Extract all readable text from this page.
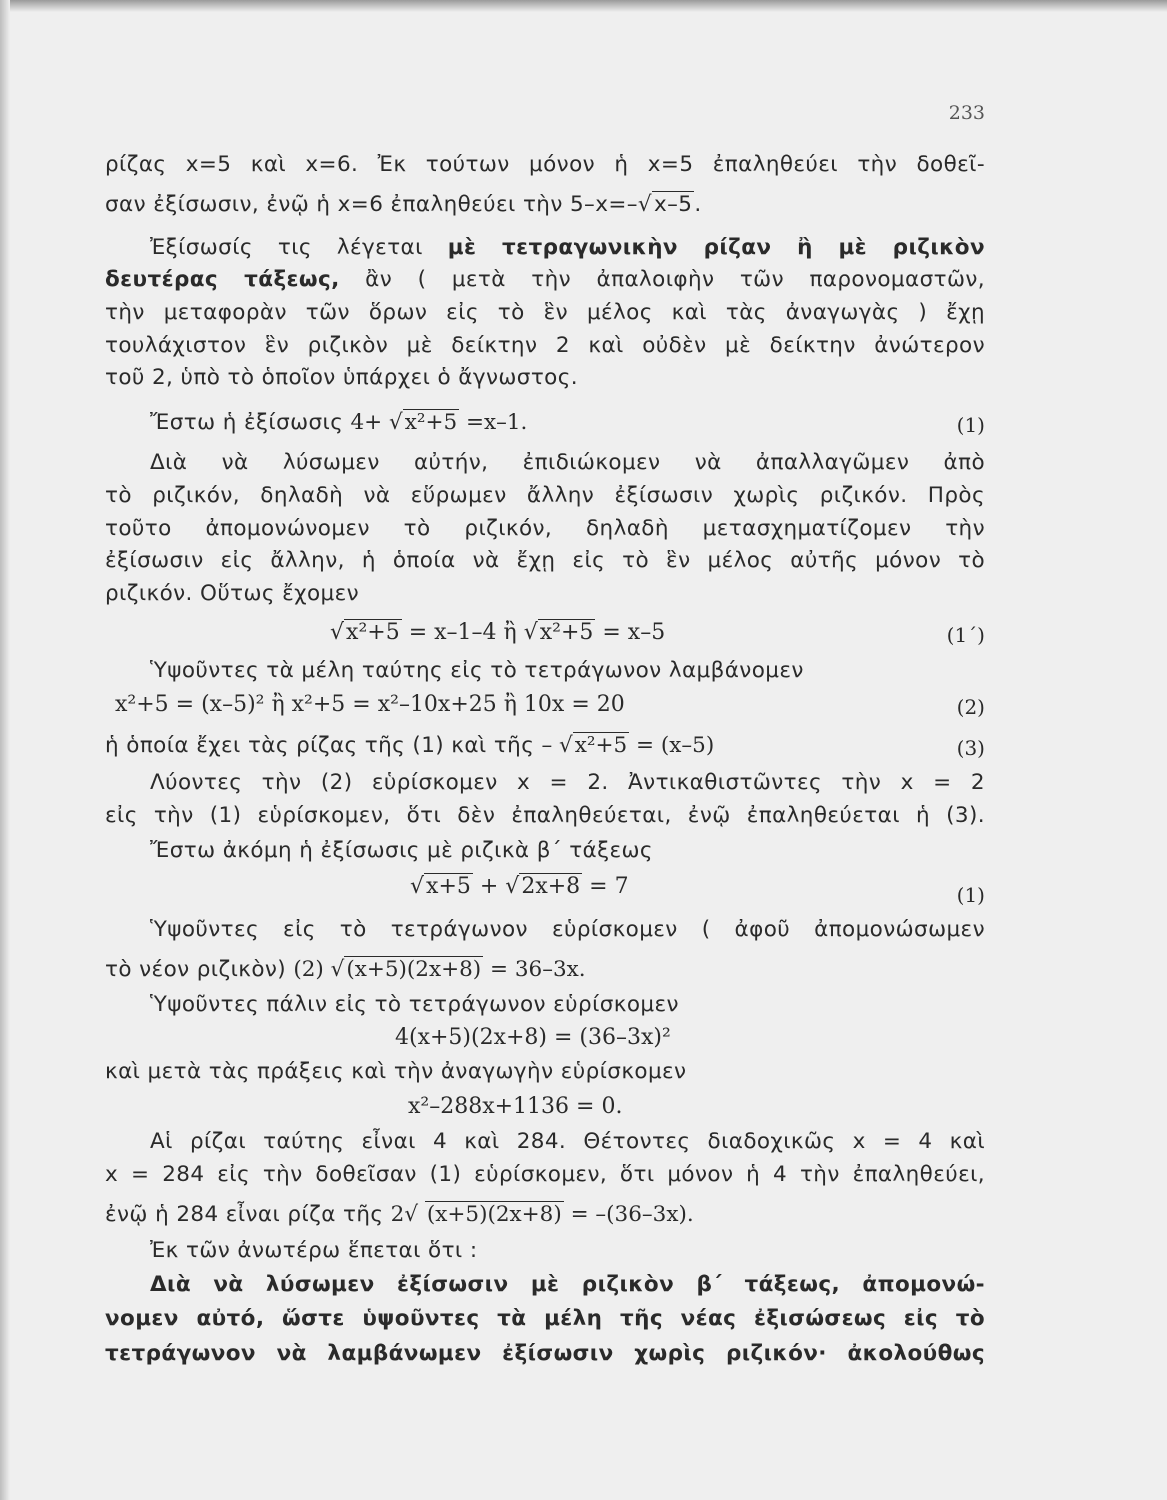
233
ρίζας x=5 καὶ x=6. Ἐκ τούτων μόνον ἡ x=5 ἐπαληθεύει τὴν δοθεῖ-
σαν ἐξίσωσιν, ἐνῷ ἡ x=6 ἐπαληθεύει τὴν 5–x=–√x–5.
Ἐξίσωσίς τις λέγεται μὲ τετραγωνικὴν ρίζαν ἢ μὲ ριζικὸν
δευτέρας τάξεως, ἂν ( μετὰ τὴν ἀπαλοιφὴν τῶν παρονομαστῶν,
τὴν μεταφορὰν τῶν ὅρων εἰς τὸ ἓν μέλος καὶ τὰς ἀναγωγὰς ) ἔχῃ
τουλάχιστον ἓν ριζικὸν μὲ δείκτην 2 καὶ οὐδὲν μὲ δείκτην ἀνώτερον
τοῦ 2, ὑπὸ τὸ ὁποῖον ὑπάρχει ὁ ἄγνωστος.
Ἔστω ἡ ἐξίσωσις 4+ √x²+5 =x–1.	(1)
Διὰ νὰ λύσωμεν αὐτήν, ἐπιδιώκομεν νὰ ἀπαλλαγῶμεν ἀπὸ
τὸ ριζικόν, δηλαδὴ νὰ εὕρωμεν ἄλλην ἐξίσωσιν χωρὶς ριζικόν. Πρὸς
τοῦτο ἀπομονώνομεν τὸ ριζικόν, δηλαδὴ μετασχηματίζομεν τὴν
ἐξίσωσιν εἰς ἄλλην, ἡ ὁποία νὰ ἔχῃ εἰς τὸ ἓν μέλος αὐτῆς μόνον τὸ
ριζικόν. Οὕτως ἔχομεν
√x²+5 = x–1–4 ἢ √x²+5 = x–5	(1΄)
Ὑψοῦντες τὰ μέλη ταύτης εἰς τὸ τετράγωνον λαμβάνομεν
x²+5 = (x–5)² ἢ x²+5 = x²–10x+25 ἢ 10x = 20	(2)
ἡ ὁποία ἔχει τὰς ρίζας τῆς (1) καὶ τῆς – √x²+5 = (x–5)	(3)
Λύοντες τὴν (2) εὑρίσκομεν x = 2. Ἀντικαθιστῶντες τὴν x = 2
εἰς τὴν (1) εὑρίσκομεν, ὅτι δὲν ἐπαληθεύεται, ἐνῷ ἐπαληθεύεται ἡ (3).
Ἔστω ἀκόμη ἡ ἐξίσωσις μὲ ριζικὰ β΄ τάξεως
√x+5 + √2x+8 = 7	(1)
Ὑψοῦντες εἰς τὸ τετράγωνον εὑρίσκομεν ( ἀφοῦ ἀπομονώσωμεν
τὸ νέον ριζικὸν) (2) √(x+5)(2x+8) = 36–3x.
Ὑψοῦντες πάλιν εἰς τὸ τετράγωνον εὑρίσκομεν
4(x+5)(2x+8) = (36–3x)²
καὶ μετὰ τὰς πράξεις καὶ τὴν ἀναγωγὴν εὑρίσκομεν
x²–288x+1136 = 0.
Αἱ ρίζαι ταύτης εἶναι 4 καὶ 284. Θέτοντες διαδοχικῶς x = 4 καὶ
x = 284 εἰς τὴν δοθεῖσαν (1) εὑρίσκομεν, ὅτι μόνον ἡ 4 τὴν ἐπαληθεύει,
ἐνῷ ἡ 284 εἶναι ρίζα τῆς 2√ (x+5)(2x+8) = –(36–3x).
Ἐκ τῶν ἀνωτέρω ἕπεται ὅτι :
Διὰ νὰ λύσωμεν ἐξίσωσιν μὲ ριζικὸν β΄ τάξεως, ἀπομονώ-
νομεν αὐτό, ὥστε ὑψοῦντες τὰ μέλη τῆς νέας ἐξισώσεως εἰς τὸ
τετράγωνον νὰ λαμβάνωμεν ἐξίσωσιν χωρὶς ριζικόν· ἀκολούθως
